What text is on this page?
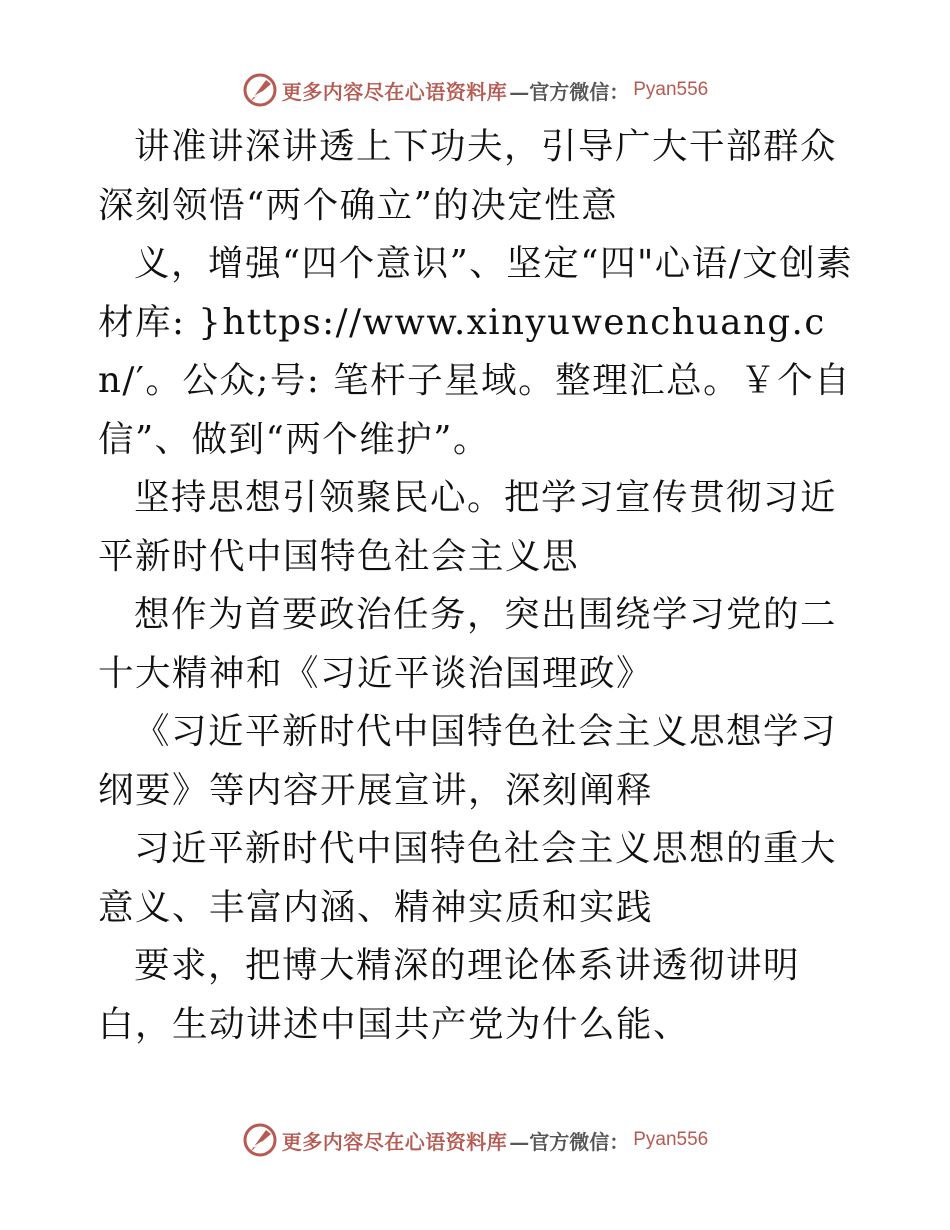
更多内容尽在心语资料库 —官方微信： Pyan556

讲准讲深讲透上下功夫，引导广大干部群众深刻领悟“两个确立”的决定性意

义，增强“四个意识”、坚定“四"心语/文创素材库: }https://www.xinyuwenchuang.cn/′。公众;号: 笔杆子星域。整理汇总。￥个自信”、做到“两个维护”。

坚持思想引领聚民心。把学习宣传贯彻习近平新时代中国特色社会主义思

想作为首要政治任务，突出围绕学习党的二十大精神和《习近平谈治国理政》

《习近平新时代中国特色社会主义思想学习纲要》等内容开展宣讲，深刻阐释

习近平新时代中国特色社会主义思想的重大意义、丰富内涵、精神实质和实践

要求，把博大精深的理论体系讲透彻讲明白，生动讲述中国共产党为什么能、

更多内容尽在心语资料库 —官方微信： Pyan556
